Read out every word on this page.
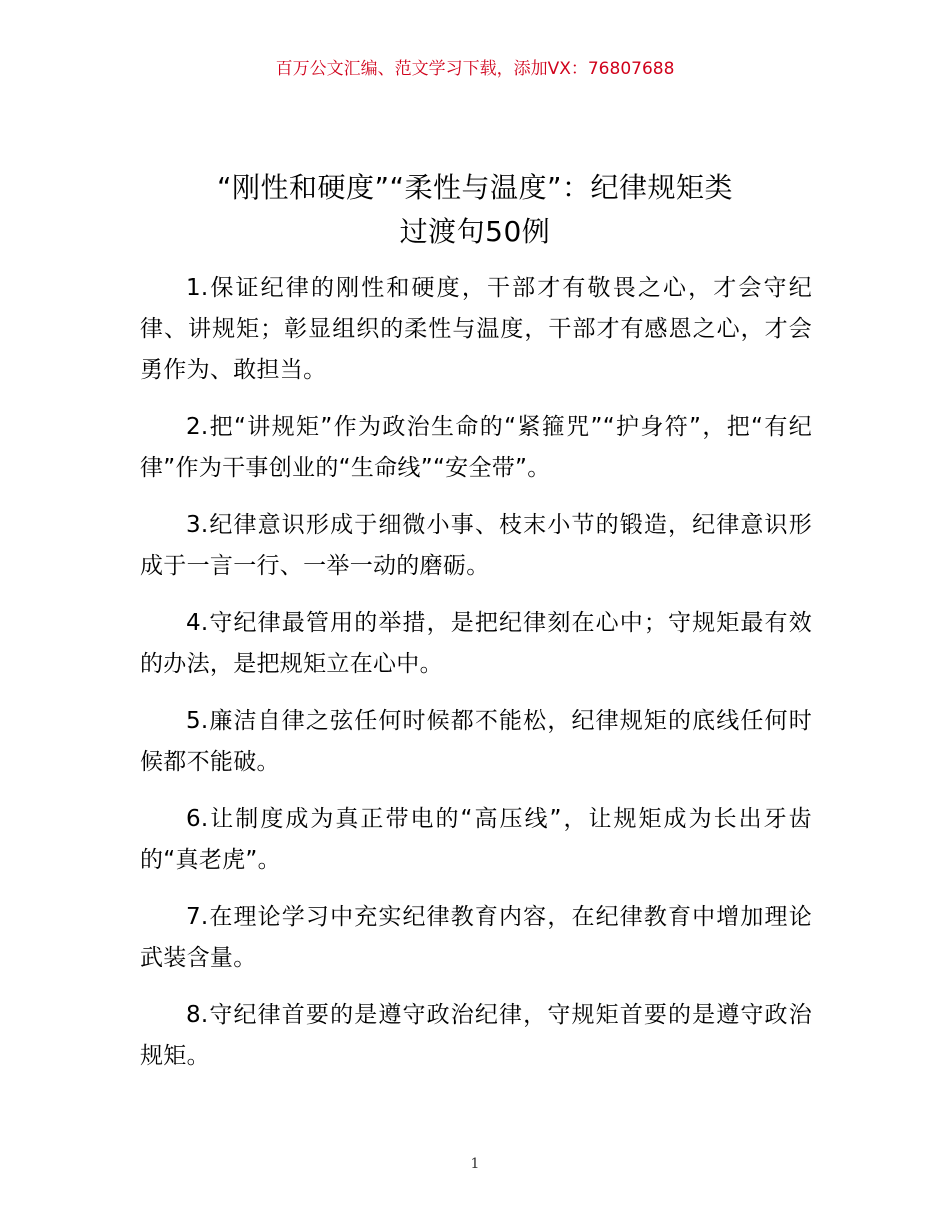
百万公文汇编、范文学习下载，添加VX：76807688
“刚性和硬度”“柔性与温度”：纪律规矩类
过渡句50例

1.保证纪律的刚性和硬度，干部才有敬畏之心，才会守纪律、讲规矩；彰显组织的柔性与温度，干部才有感恩之心，才会勇作为、敢担当。

2.把“讲规矩”作为政治生命的“紧箍咒”“护身符”，把“有纪律”作为干事创业的“生命线”“安全带”。

3.纪律意识形成于细微小事、枝末小节的锻造，纪律意识形成于一言一行、一举一动的磨砺。

4.守纪律最管用的举措，是把纪律刻在心中；守规矩最有效的办法，是把规矩立在心中。

5.廉洁自律之弦任何时候都不能松，纪律规矩的底线任何时候都不能破。

6.让制度成为真正带电的“高压线”，让规矩成为长出牙齿的“真老虎”。

7.在理论学习中充实纪律教育内容，在纪律教育中增加理论武装含量。

8.守纪律首要的是遵守政治纪律，守规矩首要的是遵守政治规矩。

1
